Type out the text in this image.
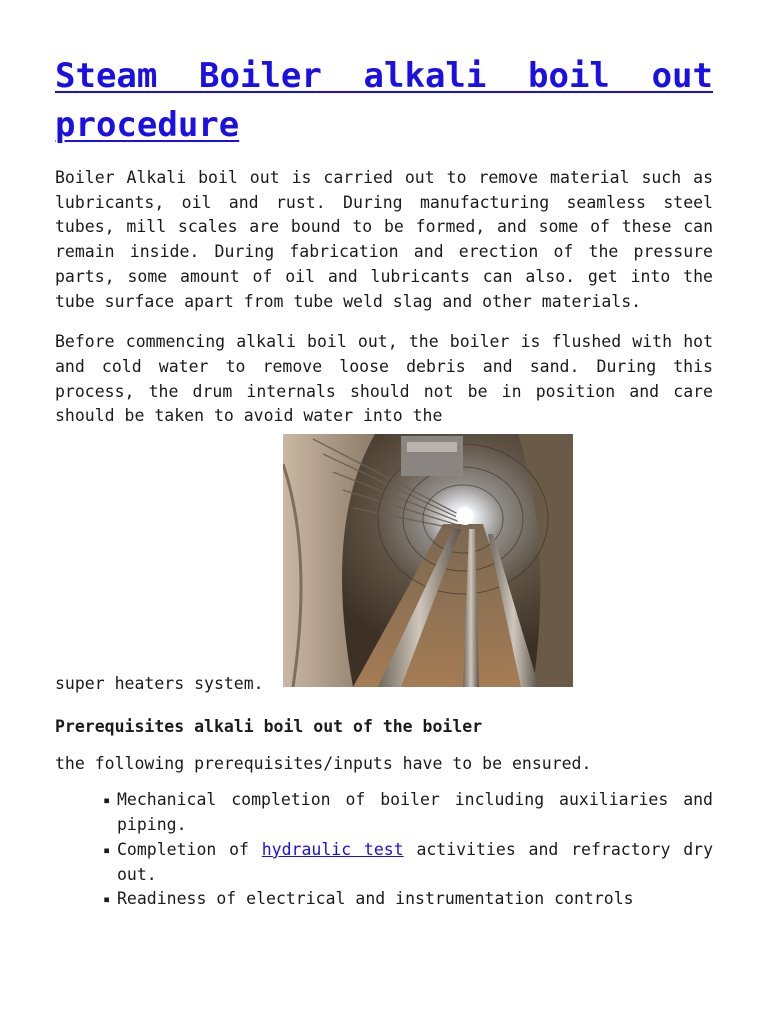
Steam Boiler alkali boil out
procedure

Boiler Alkali boil out is carried out to remove material such as lubricants, oil and rust. During manufacturing seamless steel tubes, mill scales are bound to be formed, and some of these can remain inside. During fabrication and erection of the pressure parts, some amount of oil and lubricants can also. get into the tube surface apart from tube weld slag and other materials.

Before commencing alkali boil out, the boiler is flushed with hot and cold water to remove loose debris and sand. During this process, the drum internals should not be in position and care should be taken to avoid water into the

super heaters system.
Prerequisites alkali boil out of the boiler

the following prerequisites/inputs have to be ensured.

▪ Mechanical completion of boiler including auxiliaries and piping.
▪ Completion of hydraulic test activities and refractory dry out.
▪ Readiness of electrical and instrumentation controls
